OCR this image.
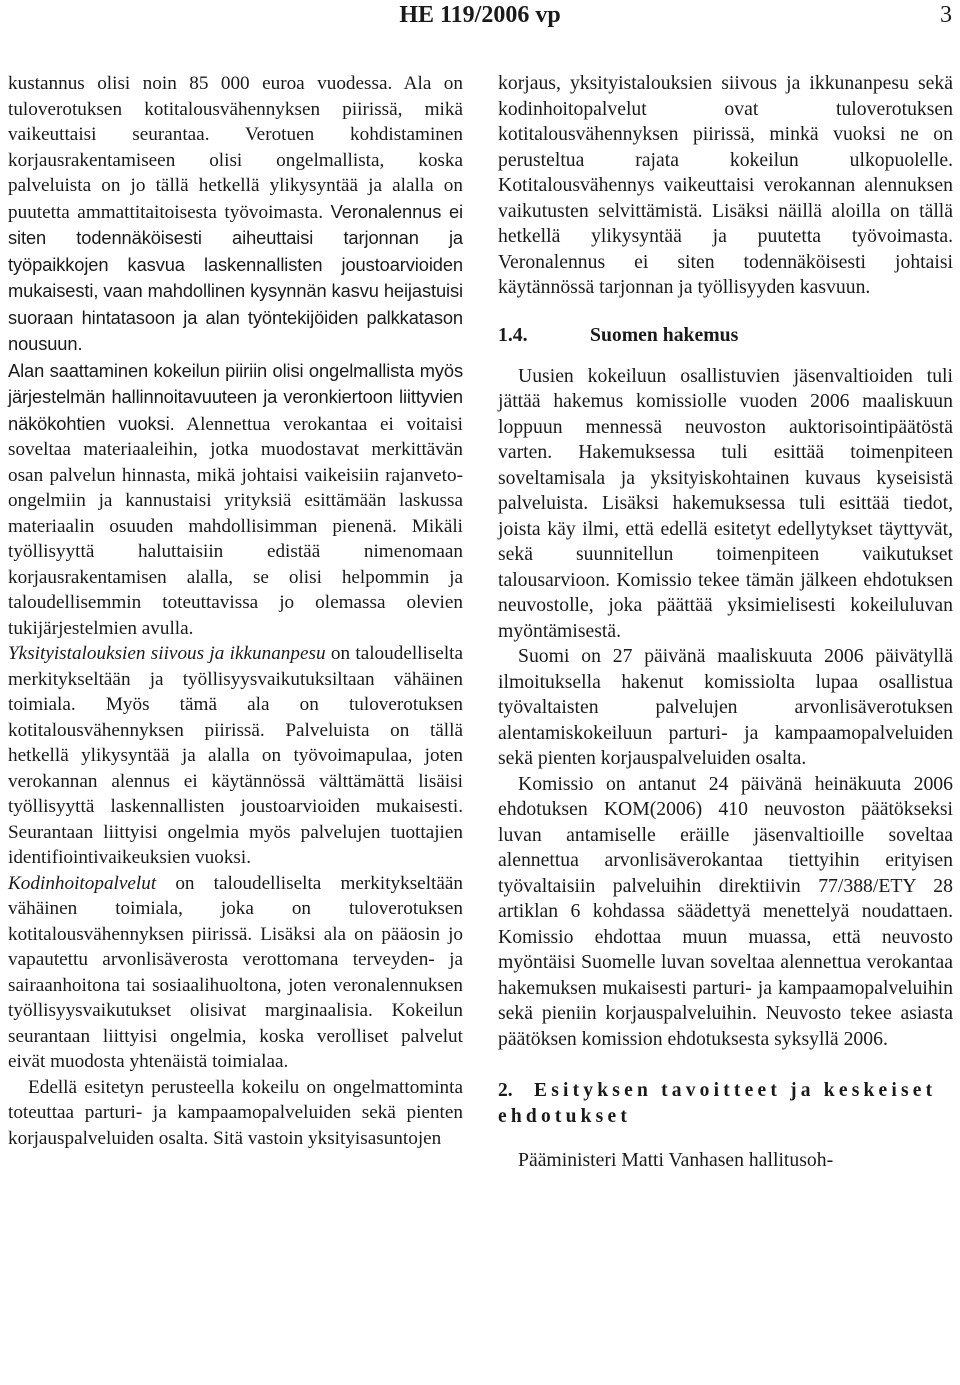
HE 119/2006 vp	3

kustannus olisi noin 85 000 euroa vuodessa. Ala on tuloverotuksen kotitalousvähennyksen piirissä, mikä vaikeuttaisi seurantaa. Verotuen kohdistaminen korjausrakentamiseen olisi ongelmallista, koska palveluista on jo tällä hetkellä ylikysyntää ja alalla on puutetta ammattitaitoisesta työvoimasta. Veronalennus ei siten todennäköisesti aiheuttaisi tarjonnan ja työpaikkojen kasvua laskennallisten joustoarvioiden mukaisesti, vaan mahdollinen kysynnän kasvu heijastuisi suoraan hintatasoon ja alan työntekijöiden palkkatason nousuun.

Alan saattaminen kokeilun piiriin olisi ongelmallista myös järjestelmän hallinnoitavuuteen ja veronkiertoon liittyvien näkökohtien vuoksi. Alennettua verokantaa ei voitaisi soveltaa materiaaleihin, jotka muodostavat merkittävän osan palvelun hinnasta, mikä johtaisi vaikeisiin rajanveto-ongelmiin ja kannustaisi yrityksiä esittämään laskussa materiaalin osuuden mahdollisimman pienenä. Mikäli työllisyyttä haluttaisiin edistää nimenomaan korjausrakentamisen alalla, se olisi helpommin ja taloudellisemmin toteuttavissa jo olemassa olevien tukijärjestelmien avulla.

Yksityistalouksien siivous ja ikkunanpesu on taloudelliselta merkitykseltään ja työllisyysvaikutuksiltaan vähäinen toimiala. Myös tämä ala on tuloverotuksen kotitalousvähennyksen piirissä. Palveluista on tällä hetkellä ylikysyntää ja alalla on työvoimapulaa, joten verokannan alennus ei käytännössä välttämättä lisäisi työllisyyttä laskennallisten joustoarvioiden mukaisesti. Seurantaan liittyisi ongelmia myös palvelujen tuottajien identifiointivaikeuksien vuoksi.

Kodinhoitopalvelut on taloudelliselta merkitykseltään vähäinen toimiala, joka on tuloverotuksen kotitalousvähennyksen piirissä. Lisäksi ala on pääosin jo vapautettu arvonlisäverosta verottomana terveyden- ja sairaanhoitona tai sosiaalihuoltona, joten veronalennuksen työllisyysvaikutukset olisivat marginaalisia. Kokeilun seurantaan liittyisi ongelmia, koska verolliset palvelut eivät muodosta yhtenäistä toimialaa.

Edellä esitetyn perusteella kokeilu on ongelmattominta toteuttaa parturi- ja kampaamopalveluiden sekä pienten korjauspalveluiden osalta. Sitä vastoin yksityisasuntojen

korjaus, yksityistalouksien siivous ja ikkunanpesu sekä kodinhoitopalvelut ovat tuloverotuksen kotitalousvähennyksen piirissä, minkä vuoksi ne on perusteltua rajata kokeilun ulkopuolelle. Kotitalousvähennys vaikeuttaisi verokannan alennuksen vaikutusten selvittämistä. Lisäksi näillä aloilla on tällä hetkellä ylikysyntää ja puutetta työvoimasta. Veronalennus ei siten todennäköisesti johtaisi käytännössä tarjonnan ja työllisyyden kasvuun.

1.4.	Suomen hakemus

Uusien kokeiluun osallistuvien jäsenvaltioiden tuli jättää hakemus komissiolle vuoden 2006 maaliskuun loppuun mennessä neuvoston auktorisointipäätöstä varten. Hakemuksessa tuli esittää toimenpiteen soveltamisala ja yksityiskohtainen kuvaus kyseisistä palveluista. Lisäksi hakemuksessa tuli esittää tiedot, joista käy ilmi, että edellä esitetyt edellytykset täyttyvät, sekä suunnitellun toimenpiteen vaikutukset talousarvioon. Komissio tekee tämän jälkeen ehdotuksen neuvostolle, joka päättää yksimielisesti kokeiluluvan myöntämisestä.

Suomi on 27 päivänä maaliskuuta 2006 päivätyllä ilmoituksella hakenut komissiolta lupaa osallistua työvaltaisten palvelujen arvonlisäverotuksen alentamiskokeiluun parturi- ja kampaamopalveluiden sekä pienten korjauspalveluiden osalta.

Komissio on antanut 24 päivänä heinäkuuta 2006 ehdotuksen KOM(2006) 410 neuvoston päätökseksi luvan antamiselle eräille jäsenvaltioille soveltaa alennettua arvonlisäverokantaa tiettyihin erityisen työvaltaisiin palveluihin direktiivin 77/388/ETY 28 artiklan 6 kohdassa säädettyä menettelyä noudattaen. Komissio ehdottaa muun muassa, että neuvosto myöntäisi Suomelle luvan soveltaa alennettua verokantaa hakemuksen mukaisesti parturi- ja kampaamopalveluihin sekä pieniin korjauspalveluihin. Neuvosto tekee asiasta päätöksen komission ehdotuksesta syksyllä 2006.

2. Esityksen tavoitteet ja keskeiset ehdotukset

Pääministeri Matti Vanhasen hallitusoh-
